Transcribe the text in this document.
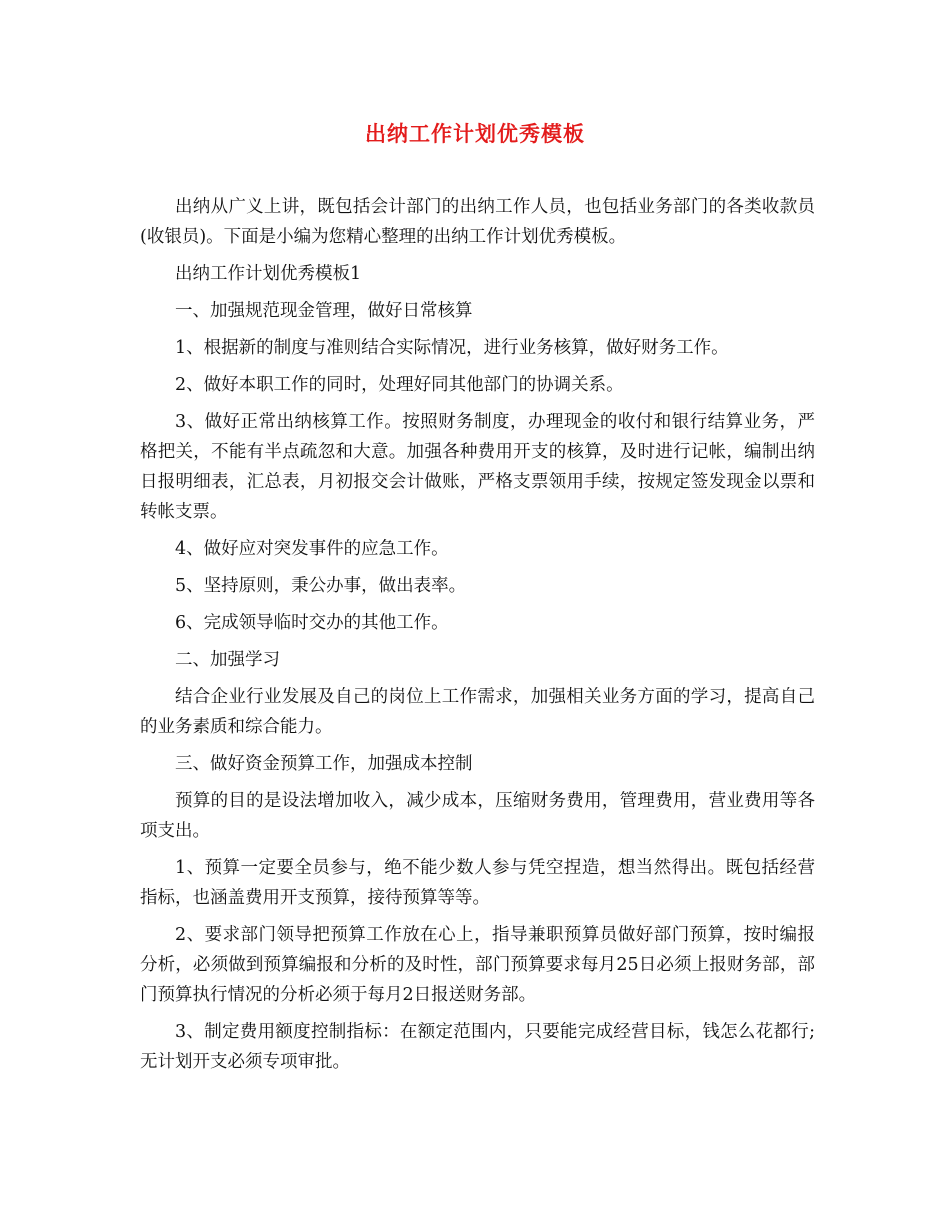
出纳工作计划优秀模板

出纳从广义上讲，既包括会计部门的出纳工作人员，也包括业务部门的各类收款员(收银员)。下面是小编为您精心整理的出纳工作计划优秀模板。

出纳工作计划优秀模板1

一、加强规范现金管理，做好日常核算

1、根据新的制度与准则结合实际情况，进行业务核算，做好财务工作。

2、做好本职工作的同时，处理好同其他部门的协调关系。

3、做好正常出纳核算工作。按照财务制度，办理现金的收付和银行结算业务，严格把关，不能有半点疏忽和大意。加强各种费用开支的核算，及时进行记帐，编制出纳日报明细表，汇总表，月初报交会计做账，严格支票领用手续，按规定签发现金以票和转帐支票。

4、做好应对突发事件的应急工作。

5、坚持原则，秉公办事，做出表率。

6、完成领导临时交办的其他工作。

二、加强学习

结合企业行业发展及自己的岗位上工作需求，加强相关业务方面的学习，提高自己的业务素质和综合能力。

三、做好资金预算工作，加强成本控制

预算的目的是设法增加收入，减少成本，压缩财务费用，管理费用，营业费用等各项支出。

1、预算一定要全员参与，绝不能少数人参与凭空捏造，想当然得出。既包括经营指标，也涵盖费用开支预算，接待预算等等。

2、要求部门领导把预算工作放在心上，指导兼职预算员做好部门预算，按时编报分析，必须做到预算编报和分析的及时性，部门预算要求每月25日必须上报财务部，部门预算执行情况的分析必须于每月2日报送财务部。

3、制定费用额度控制指标：在额定范围内，只要能完成经营目标，钱怎么花都行;无计划开支必须专项审批。
